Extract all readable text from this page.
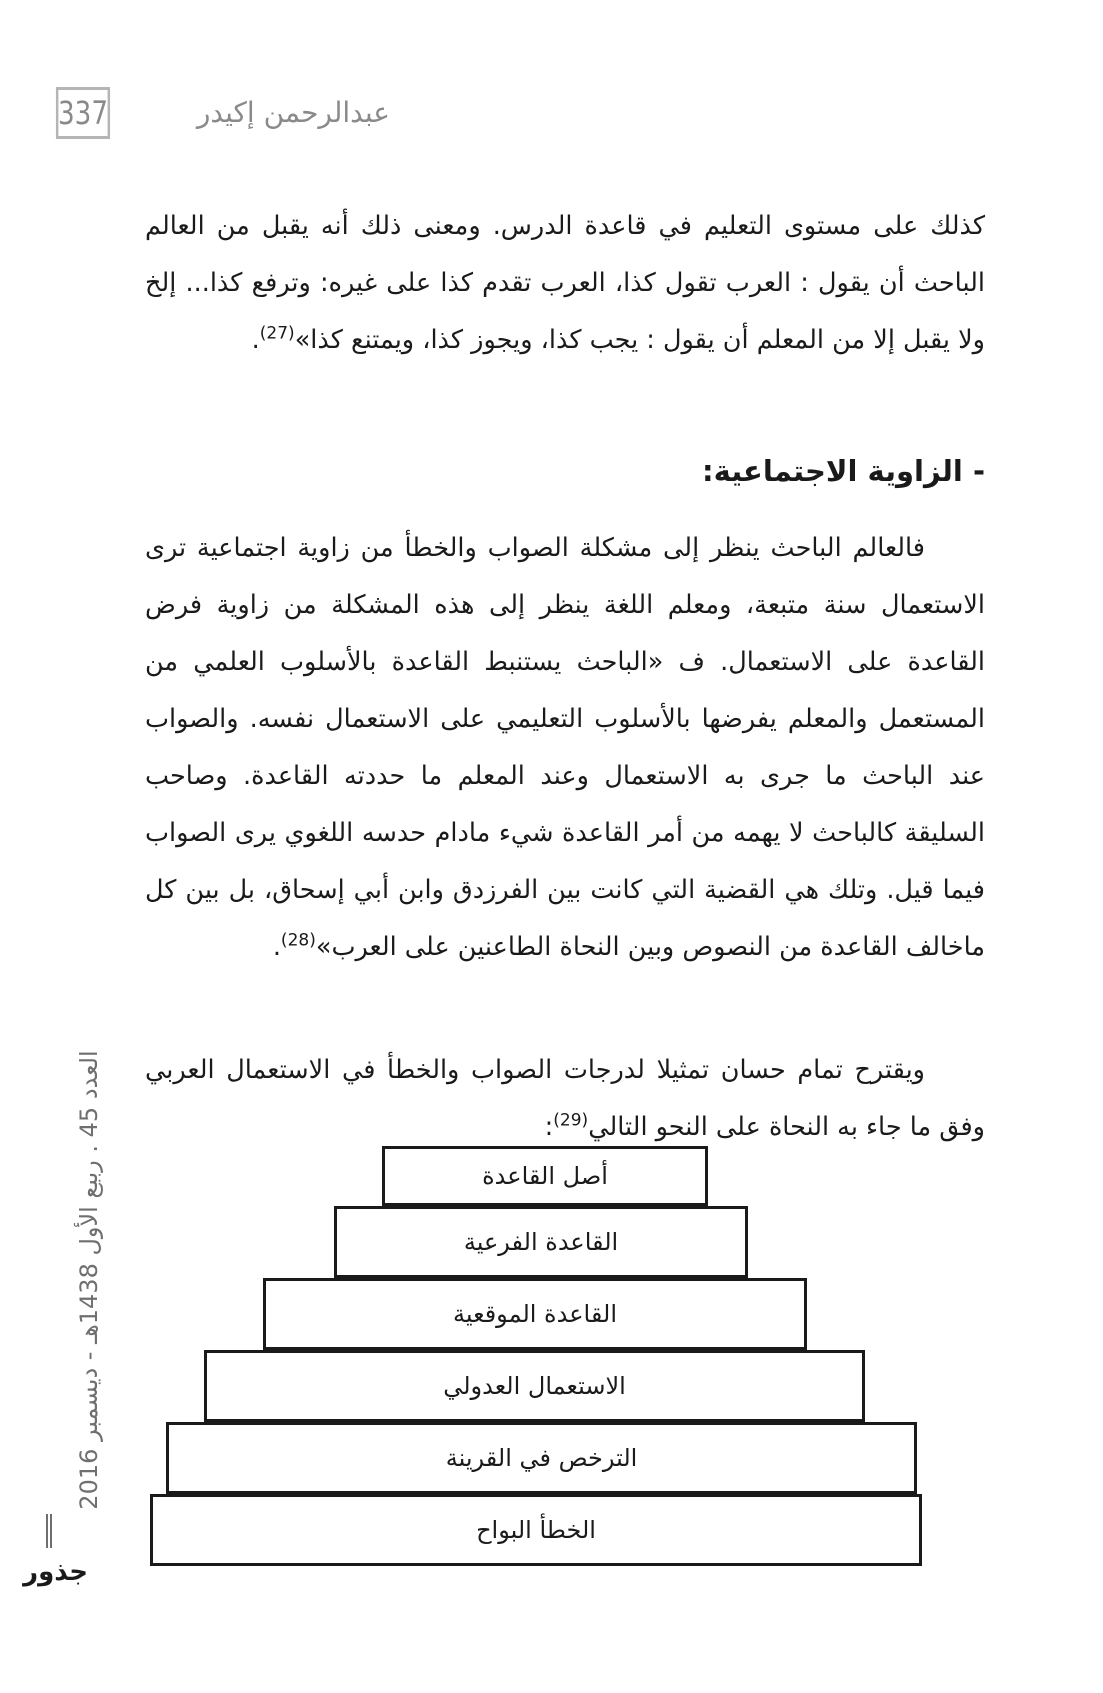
337	عبدالرحمن إكيدر

كذلك على مستوى التعليم في قاعدة الدرس. ومعنى ذلك أنه يقبل من العالم الباحث أن يقول : العرب تقول كذا، العرب تقدم كذا على غيره: وترفع كذا... إلخ ولا يقبل إلا من المعلم أن يقول : يجب كذا، ويجوز كذا، ويمتنع كذا»$^{(27)}$.

- الزاوية الاجتماعية:

فالعالم الباحث ينظر إلى مشكلة الصواب والخطأ من زاوية اجتماعية ترى الاستعمال سنة متبعة، ومعلم اللغة ينظر إلى هذه المشكلة من زاوية فرض القاعدة على الاستعمال. ف «الباحث يستنبط القاعدة بالأسلوب العلمي من المستعمل والمعلم يفرضها بالأسلوب التعليمي على الاستعمال نفسه. والصواب عند الباحث ما جرى به الاستعمال وعند المعلم ما حددته القاعدة. وصاحب السليقة كالباحث لا يهمه من أمر القاعدة شيء مادام حدسه اللغوي يرى الصواب فيما قيل. وتلك هي القضية التي كانت بين الفرزدق وابن أبي إسحاق، بل بين كل ماخالف القاعدة من النصوص وبين النحاة الطاعنين على العرب»$^{(28)}$.

ويقترح تمام حسان تمثيلا لدرجات الصواب والخطأ في الاستعمال العربي وفق ما جاء به النحاة على النحو التالي$^{(29)}$:

أصل القاعدة
القاعدة الفرعية
القاعدة الموقعية
الاستعمال العدولي
الترخص في القرينة
الخطأ البواح
العدد 45 . ربيع الأول 1438هـ - ديسمبر 2016
جذور
